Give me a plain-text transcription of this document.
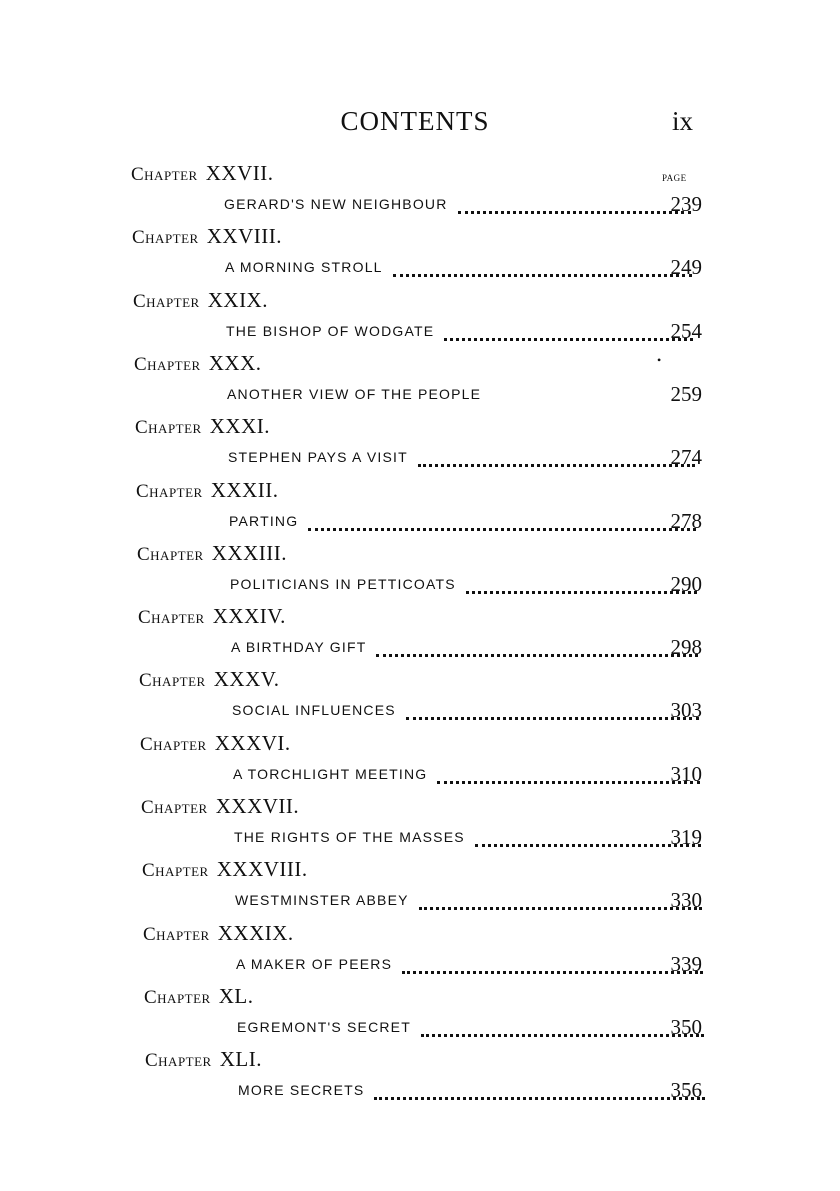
CONTENTS	ix
PAGE
•
Chapter XXVII.
GERARD'S NEW NEIGHBOUR	239
Chapter XXVIII.
A MORNING STROLL	249
Chapter XXIX.
THE BISHOP OF WODGATE	254
Chapter XXX.
ANOTHER VIEW OF THE PEOPLE	259
Chapter XXXI.
STEPHEN PAYS A VISIT	274
Chapter XXXII.
PARTING	278
Chapter XXXIII.
POLITICIANS IN PETTICOATS	290
Chapter XXXIV.
A BIRTHDAY GIFT	298
Chapter XXXV.
SOCIAL INFLUENCES	303
Chapter XXXVI.
A TORCHLIGHT MEETING	310
Chapter XXXVII.
THE RIGHTS OF THE MASSES	319
Chapter XXXVIII.
WESTMINSTER ABBEY	330
Chapter XXXIX.
A MAKER OF PEERS	339
Chapter XL.
EGREMONT'S SECRET	350
Chapter XLI.
MORE SECRETS	356
